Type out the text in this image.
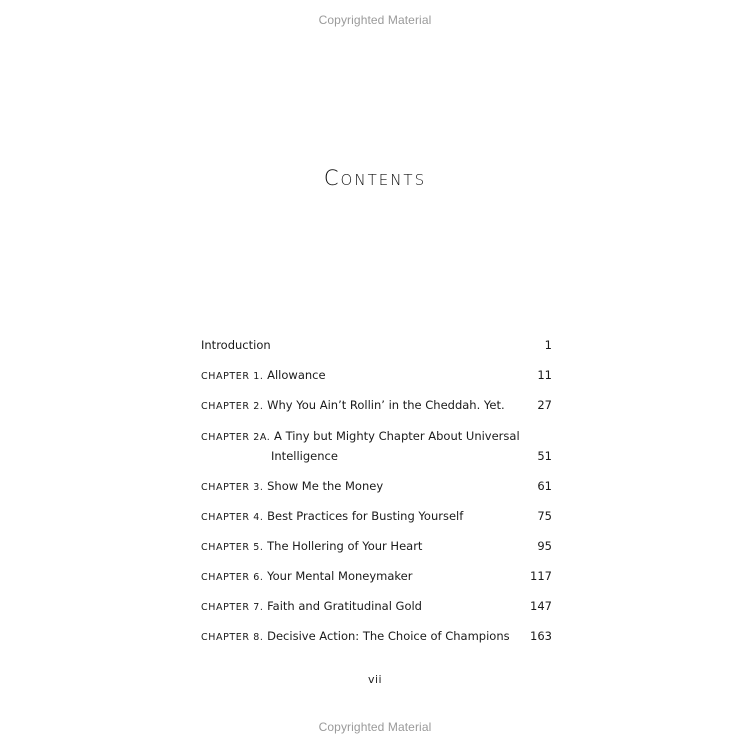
Copyrighted Material
Contents
Introduction	1
CHAPTER 1. Allowance	11
CHAPTER 2. Why You Ain’t Rollin’ in the Cheddah. Yet.	27
CHAPTER 2A. A Tiny but Mighty Chapter About Universal
Intelligence	51
CHAPTER 3. Show Me the Money	61
CHAPTER 4. Best Practices for Busting Yourself	75
CHAPTER 5. The Hollering of Your Heart	95
CHAPTER 6. Your Mental Moneymaker	117
CHAPTER 7. Faith and Gratitudinal Gold	147
CHAPTER 8. Decisive Action: The Choice of Champions 163
vii
Copyrighted Material
